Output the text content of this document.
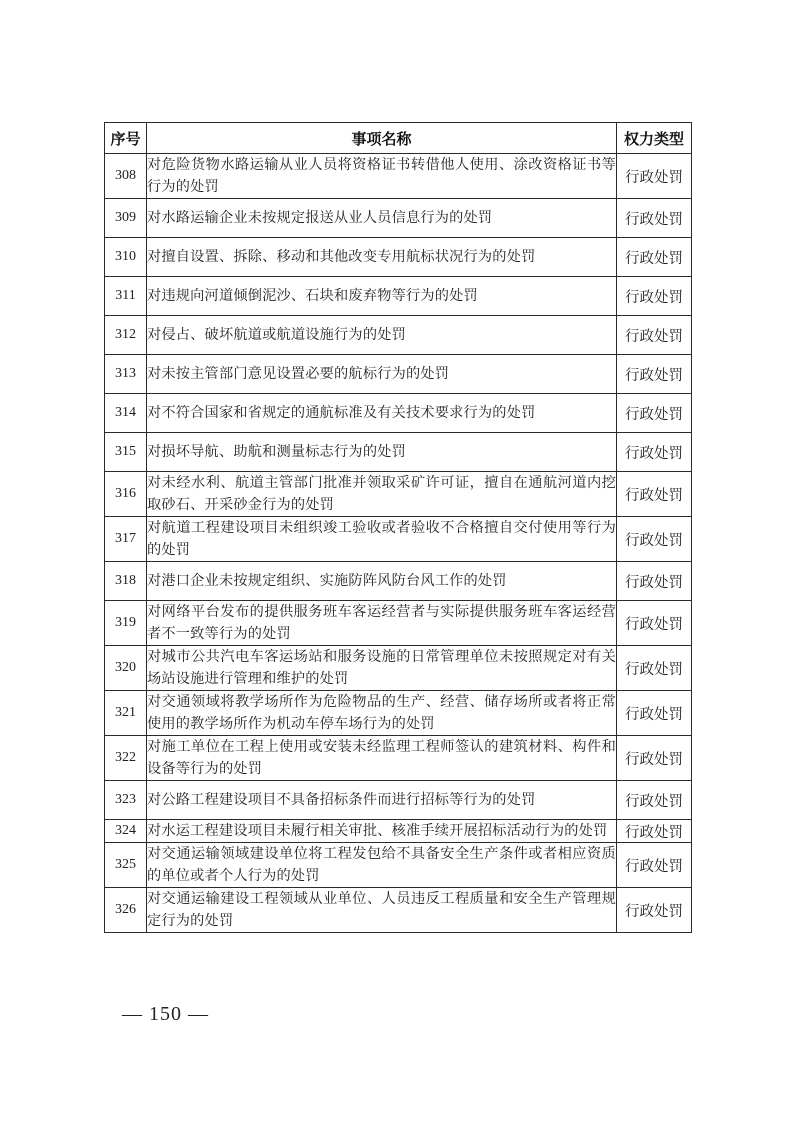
序号	事项名称	权力类型
308	对危险货物水路运输从业人员将资格证书转借他人使用、涂改资格证书等行为的处罚	行政处罚
309	对水路运输企业未按规定报送从业人员信息行为的处罚	行政处罚
310	对擅自设置、拆除、移动和其他改变专用航标状况行为的处罚	行政处罚
311	对违规向河道倾倒泥沙、石块和废弃物等行为的处罚	行政处罚
312	对侵占、破坏航道或航道设施行为的处罚	行政处罚
313	对未按主管部门意见设置必要的航标行为的处罚	行政处罚
314	对不符合国家和省规定的通航标准及有关技术要求行为的处罚	行政处罚
315	对损坏导航、助航和测量标志行为的处罚	行政处罚
316	对未经水利、航道主管部门批准并领取采矿许可证，擅自在通航河道内挖取砂石、开采砂金行为的处罚	行政处罚
317	对航道工程建设项目未组织竣工验收或者验收不合格擅自交付使用等行为的处罚	行政处罚
318	对港口企业未按规定组织、实施防阵风防台风工作的处罚	行政处罚
319	对网络平台发布的提供服务班车客运经营者与实际提供服务班车客运经营者不一致等行为的处罚	行政处罚
320	对城市公共汽电车客运场站和服务设施的日常管理单位未按照规定对有关场站设施进行管理和维护的处罚	行政处罚
321	对交通领域将教学场所作为危险物品的生产、经营、储存场所或者将正常使用的教学场所作为机动车停车场行为的处罚	行政处罚
322	对施工单位在工程上使用或安装未经监理工程师签认的建筑材料、构件和设备等行为的处罚	行政处罚
323	对公路工程建设项目不具备招标条件而进行招标等行为的处罚	行政处罚
324	对水运工程建设项目未履行相关审批、核准手续开展招标活动行为的处罚	行政处罚
325	对交通运输领域建设单位将工程发包给不具备安全生产条件或者相应资质的单位或者个人行为的处罚	行政处罚
326	对交通运输建设工程领域从业单位、人员违反工程质量和安全生产管理规定行为的处罚	行政处罚
— 150 —
